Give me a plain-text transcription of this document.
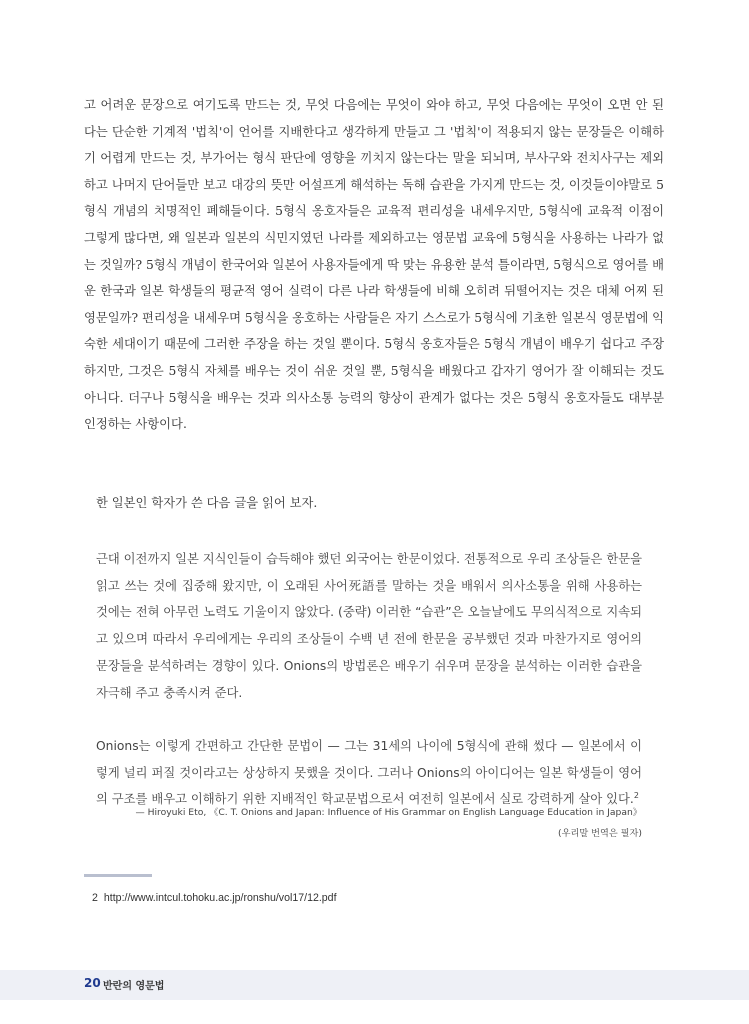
고 어려운 문장으로 여기도록 만드는 것, 무엇 다음에는 무엇이 와야 하고, 무엇 다음에는 무엇이 오면 안 된다는 단순한 기계적 '법칙'이 언어를 지배한다고 생각하게 만들고 그 '법칙'이 적용되지 않는 문장들은 이해하기 어렵게 만드는 것, 부가어는 형식 판단에 영향을 끼치지 않는다는 말을 되뇌며, 부사구와 전치사구는 제외하고 나머지 단어들만 보고 대강의 뜻만 어설프게 해석하는 독해 습관을 가지게 만드는 것, 이것들이야말로 5형식 개념의 치명적인 폐해들이다. 5형식 옹호자들은 교육적 편리성을 내세우지만, 5형식에 교육적 이점이 그렇게 많다면, 왜 일본과 일본의 식민지였던 나라를 제외하고는 영문법 교육에 5형식을 사용하는 나라가 없는 것일까? 5형식 개념이 한국어와 일본어 사용자들에게 딱 맞는 유용한 분석 틀이라면, 5형식으로 영어를 배운 한국과 일본 학생들의 평균적 영어 실력이 다른 나라 학생들에 비해 오히려 뒤떨어지는 것은 대체 어찌 된 영문일까? 편리성을 내세우며 5형식을 옹호하는 사람들은 자기 스스로가 5형식에 기초한 일본식 영문법에 익숙한 세대이기 때문에 그러한 주장을 하는 것일 뿐이다. 5형식 옹호자들은 5형식 개념이 배우기 쉽다고 주장하지만, 그것은 5형식 자체를 배우는 것이 쉬운 것일 뿐, 5형식을 배웠다고 갑자기 영어가 잘 이해되는 것도 아니다. 더구나 5형식을 배우는 것과 의사소통 능력의 향상이 관계가 없다는 것은 5형식 옹호자들도 대부분 인정하는 사항이다.

한 일본인 학자가 쓴 다음 글을 읽어 보자.

근대 이전까지 일본 지식인들이 습득해야 했던 외국어는 한문이었다. 전통적으로 우리 조상들은 한문을 읽고 쓰는 것에 집중해 왔지만, 이 오래된 사어死語를 말하는 것을 배워서 의사소통을 위해 사용하는 것에는 전혀 아무런 노력도 기울이지 않았다. (중략) 이러한 “습관”은 오늘날에도 무의식적으로 지속되고 있으며 따라서 우리에게는 우리의 조상들이 수백 년 전에 한문을 공부했던 것과 마찬가지로 영어의 문장들을 분석하려는 경향이 있다. Onions의 방법론은 배우기 쉬우며 문장을 분석하는 이러한 습관을 자극해 주고 충족시켜 준다.

Onions는 이렇게 간편하고 간단한 문법이 — 그는 31세의 나이에 5형식에 관해 썼다 — 일본에서 이렇게 널리 퍼질 것이라고는 상상하지 못했을 것이다. 그러나 Onions의 아이디어는 일본 학생들이 영어의 구조를 배우고 이해하기 위한 지배적인 학교문법으로서 여전히 일본에서 실로 강력하게 살아 있다.$^2$

— Hiroyuki Eto, 《C. T. Onions and Japan: Influence of His Grammar on English Language Education in Japan》

(우리말 번역은 필자)

2 http://www.intcul.tohoku.ac.jp/ronshu/vol17/12.pdf

20 반란의 영문법
